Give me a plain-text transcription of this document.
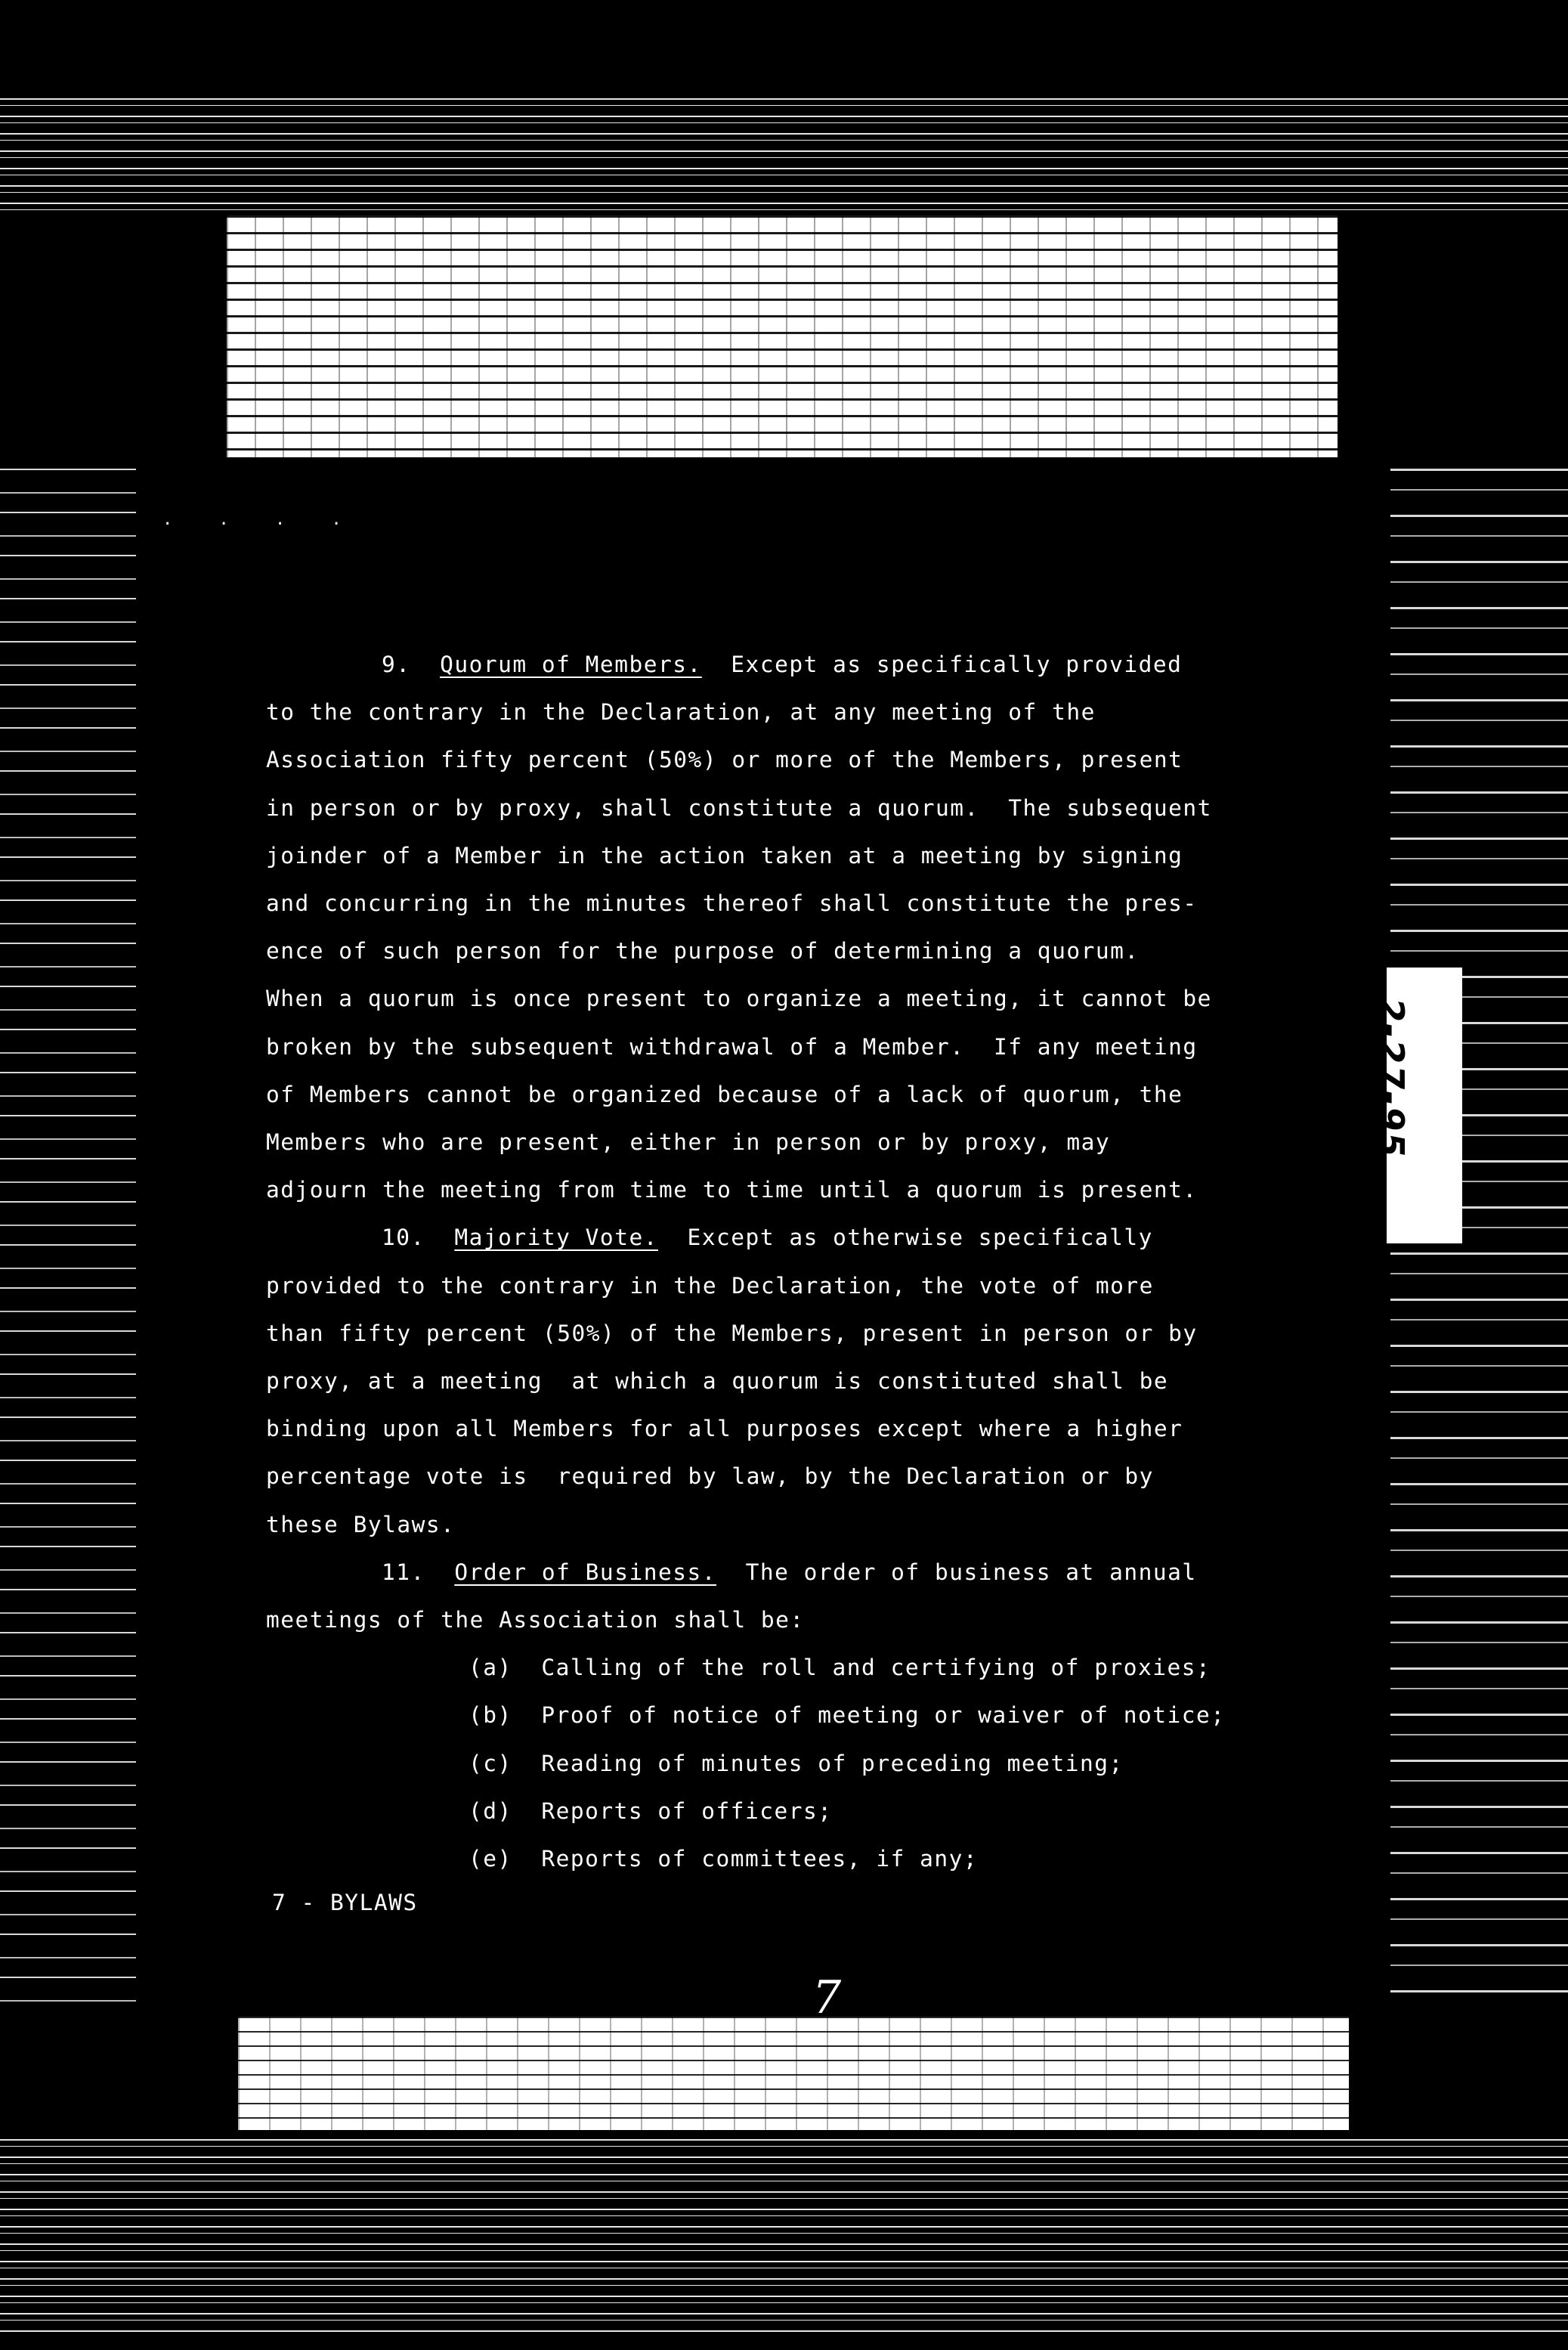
2-27-95
. . . .
9. Quorum of Members. Except as specifically provided
to the contrary in the Declaration, at any meeting of the
Association fifty percent (50%) or more of the Members, present
in person or by proxy, shall constitute a quorum.  The subsequent
joinder of a Member in the action taken at a meeting by signing
and concurring in the minutes thereof shall constitute the pres-
ence of such person for the purpose of determining a quorum.
When a quorum is once present to organize a meeting, it cannot be
broken by the subsequent withdrawal of a Member.  If any meeting
of Members cannot be organized because of a lack of quorum, the
Members who are present, either in person or by proxy, may
adjourn the meeting from time to time until a quorum is present.
10. Majority Vote. Except as otherwise specifically
provided to the contrary in the Declaration, the vote of more
than fifty percent (50%) of the Members, present in person or by
proxy, at a meeting  at which a quorum is constituted shall be
binding upon all Members for all purposes except where a higher
percentage vote is  required by law, by the Declaration or by
these Bylaws.
11. Order of Business. The order of business at annual
meetings of the Association shall be:
(a) Calling of the roll and certifying of proxies;
(b) Proof of notice of meeting or waiver of notice;
(c) Reading of minutes of preceding meeting;
(d) Reports of officers;
(e) Reports of committees, if any;
7 - BYLAWS
7
